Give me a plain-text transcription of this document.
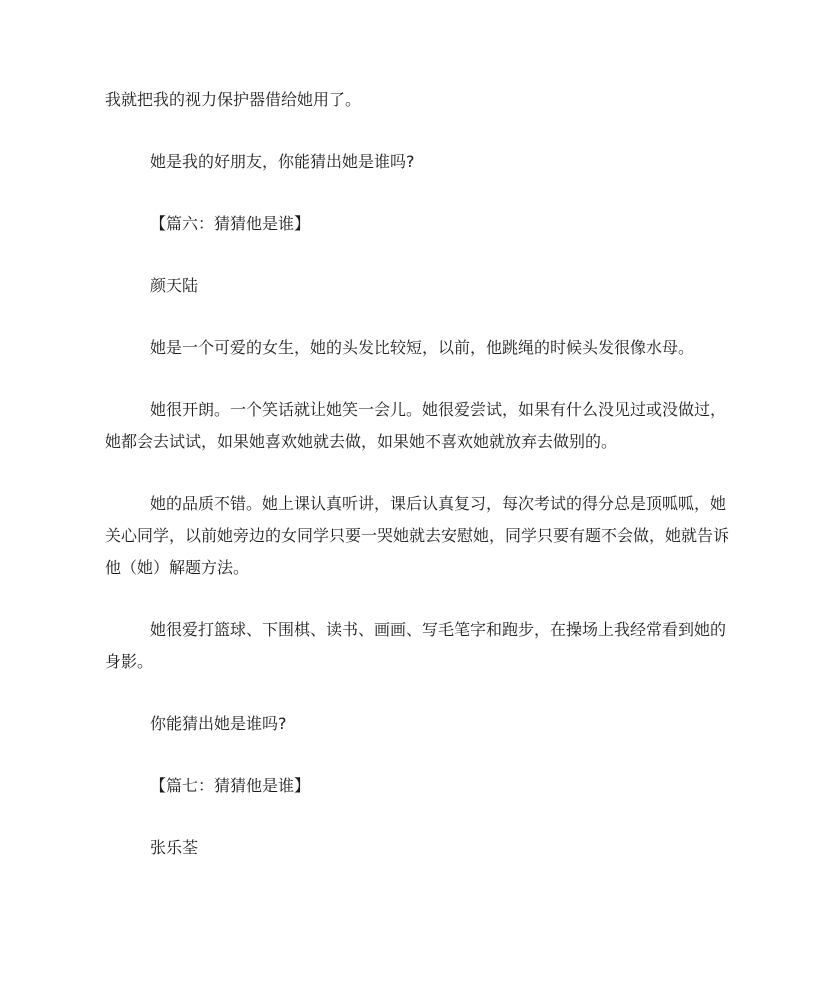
我就把我的视力保护器借给她用了。

她是我的好朋友，你能猜出她是谁吗?

【篇六：猜猜他是谁】

颜天陆

她是一个可爱的女生，她的头发比较短，以前，他跳绳的时候头发很像水母。

她很开朗。一个笑话就让她笑一会儿。她很爱尝试，如果有什么没见过或没做过，
她都会去试试，如果她喜欢她就去做，如果她不喜欢她就放弃去做别的。

她的品质不错。她上课认真听讲，课后认真复习，每次考试的得分总是顶呱呱，她
关心同学，以前她旁边的女同学只要一哭她就去安慰她，同学只要有题不会做，她就告诉
他（她）解题方法。

她很爱打篮球、下围棋、读书、画画、写毛笔字和跑步，在操场上我经常看到她的
身影。

你能猜出她是谁吗?

【篇七：猜猜他是谁】

张乐荃
